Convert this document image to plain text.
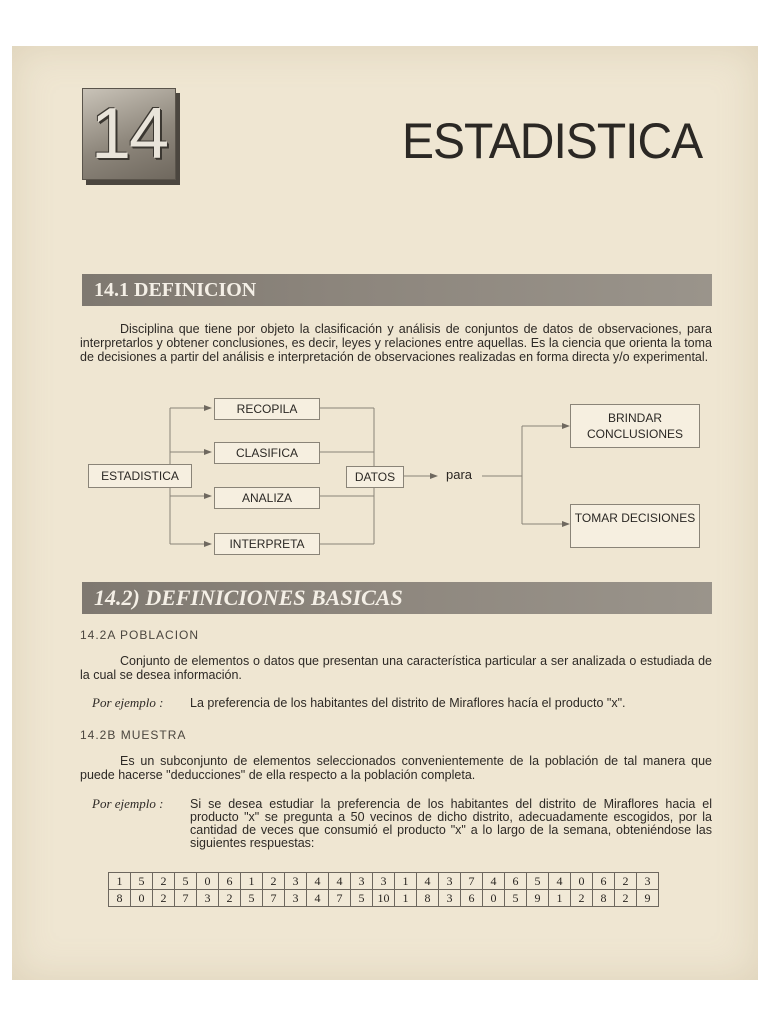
14	ESTADISTICA
14.1 DEFINICION
Disciplina que tiene por objeto la clasificación y análisis de conjuntos de datos de observaciones, para interpretarlos y obtener conclusiones, es decir, leyes y relaciones entre aquellas. Es la ciencia que orienta la toma de decisiones a partir del análisis e interpretación de observaciones realizadas en forma directa y/o experimental.
ESTADISTICA
RECOPILA
CLASIFICA
ANALIZA
INTERPRETA
DATOS	para
BRINDAR CONCLUSIONES
TOMAR DECISIONES
14.2) DEFINICIONES BASICAS
14.2A POBLACION
Conjunto de elementos o datos que presentan una característica particular a ser analizada o estudiada de la cual se desea información.
Por ejemplo : La preferencia de los habitantes del distrito de Miraflores hacía el producto "x".
14.2B MUESTRA
Es un subconjunto de elementos seleccionados convenientemente de la población de tal manera que puede hacerse "deducciones" de ella respecto a la población completa.
Por ejemplo : Si se desea estudiar la preferencia de los habitantes del distrito de Miraflores hacia el producto "x" se pregunta a 50 vecinos de dicho distrito, adecuadamente escogidos, por la cantidad de veces que consumió el producto "x" a lo largo de la semana, obteniéndose las siguientes respuestas:
1	5	2	5	0	6	1	2	3	4	4	3	3	1	4	3	7	4	6	5	4	0	6	2	3
8	0	2	7	3	2	5	7	3	4	7	5	10	1	8	3	6	0	5	9	1	2	8	2	9
